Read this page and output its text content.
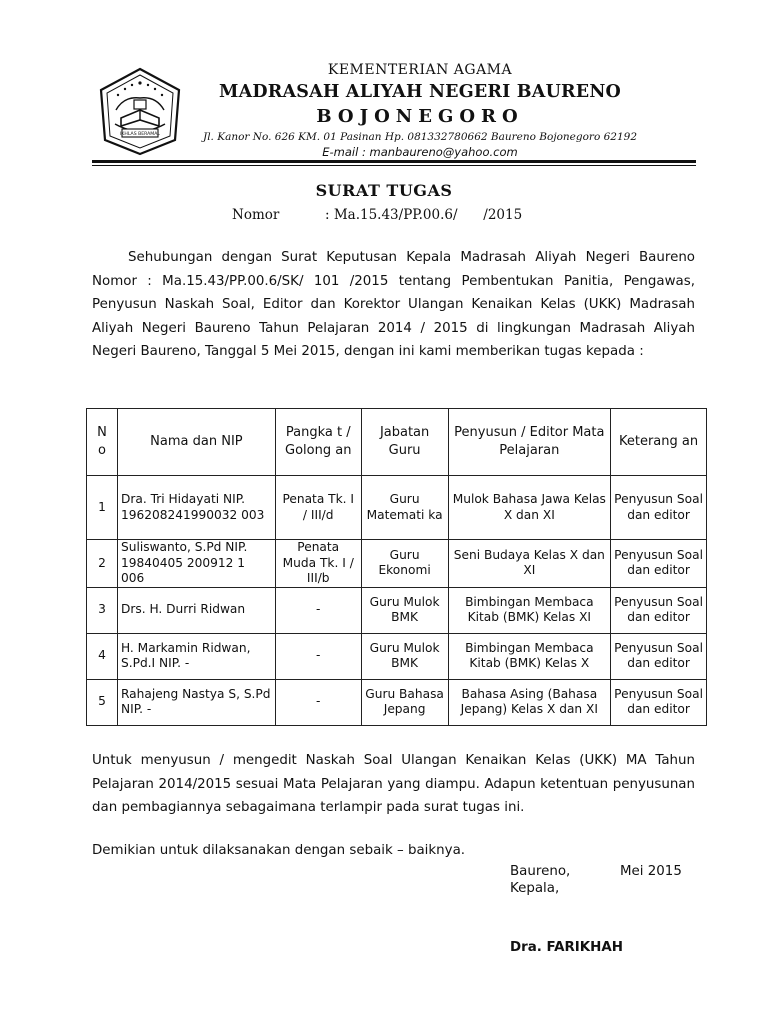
IKHLAS BERAMAL
KEMENTERIAN AGAMA
MADRASAH ALIYAH NEGERI BAURENO
BOJONEGORO
Jl. Kanor No. 626 KM. 01 Pasinan Hp. 081332780662 Baureno Bojonegoro 62192
E-mail : manbaureno@yahoo.com
SURAT TUGAS
Nomor	: Ma.15.43/PP.00.6/      /2015
Sehubungan dengan Surat Keputusan Kepala Madrasah Aliyah Negeri Baureno Nomor : Ma.15.43/PP.00.6/SK/ 101 /2015 tentang Pembentukan Panitia, Pengawas, Penyusun Naskah Soal, Editor dan Korektor Ulangan Kenaikan Kelas (UKK) Madrasah Aliyah Negeri Baureno Tahun Pelajaran 2014 / 2015 di lingkungan Madrasah Aliyah Negeri Baureno, Tanggal 5 Mei 2015, dengan ini kami memberikan tugas kepada :
N o	Nama dan NIP	Pangka t / Golong an	Jabatan Guru	Penyusun / Editor Mata Pelajaran	Keterang an
1	Dra. Tri Hidayati NIP. 196208241990032 003	Penata Tk. I / III/d	Guru Matemati ka	Mulok Bahasa Jawa Kelas X dan XI	Penyusun Soal dan editor
2	Suliswanto, S.Pd NIP. 19840405 200912 1 006	Penata Muda Tk. I / III/b	Guru Ekonomi	Seni Budaya Kelas X dan XI	Penyusun Soal dan editor
3	Drs. H. Durri Ridwan	-	Guru Mulok BMK	Bimbingan Membaca Kitab (BMK) Kelas XI	Penyusun Soal dan editor
4	H. Markamin Ridwan, S.Pd.I NIP. -	-	Guru Mulok BMK	Bimbingan Membaca Kitab (BMK) Kelas X	Penyusun Soal dan editor
5	Rahajeng Nastya S, S.Pd NIP. -	-	Guru Bahasa Jepang	Bahasa Asing (Bahasa Jepang) Kelas X dan XI	Penyusun Soal dan editor
Untuk menyusun / mengedit Naskah Soal Ulangan Kenaikan Kelas (UKK) MA Tahun Pelajaran 2014/2015 sesuai Mata Pelajaran yang diampu. Adapun ketentuan penyusunan dan pembagiannya sebagaimana terlampir pada surat tugas ini.
Demikian untuk dilaksanakan dengan sebaik – baiknya.
Baureno,	Mei 2015
Kepala,
Dra. FARIKHAH
